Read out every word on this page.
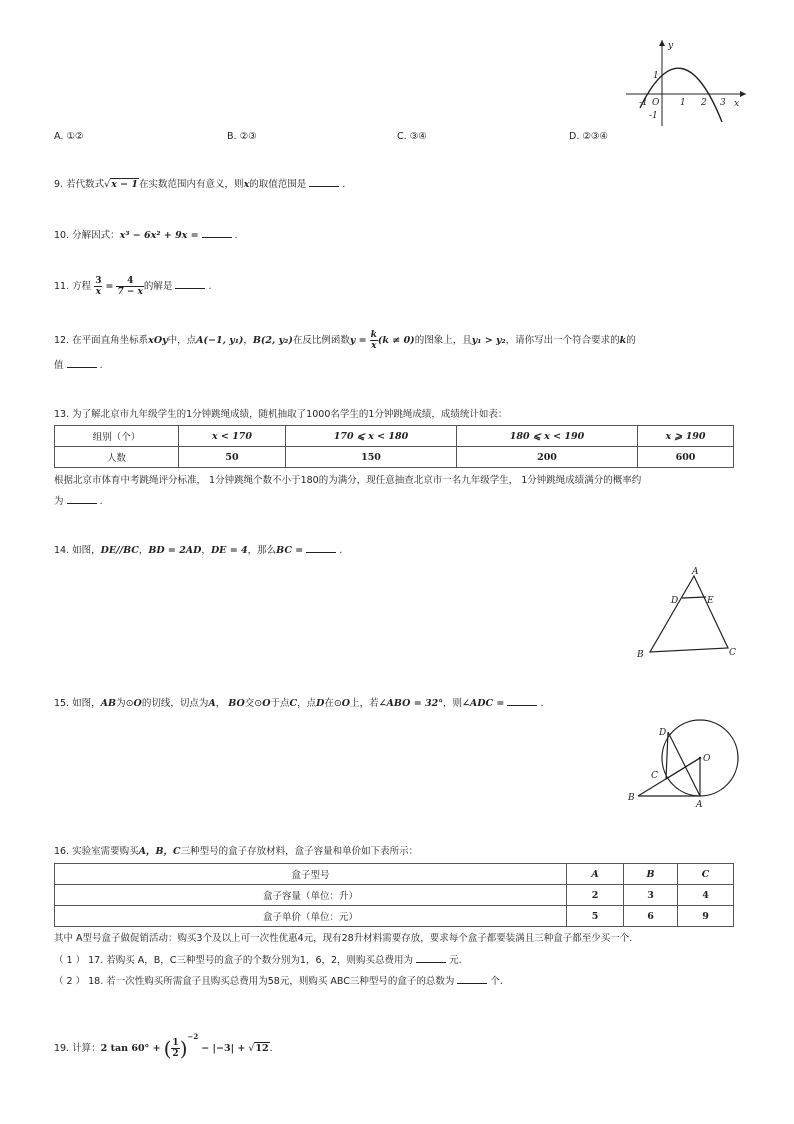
y
x
O
-1	1 2 3
1
-1
A. ①②	B. ②③	C. ③④	D. ②③④
9. 若代数式√x − 1在实数范围内有意义，则x的取值范围是	.
10. 分解因式：x³ − 6x² + 9x =	.
11. 方程 $\frac{3}{x} = \frac{4}{7 - x}$ 的解是	.
12. 在平面直角坐标系xOy中，点A(−1, y₁)，B(2, y₂)在反比例函数$y = \frac{k}{x} (k \ne 0)$的图象上，且y₁ > y₂，请你写出一个符合要求的k的
值	.
13. 为了解北京市九年级学生的1分钟跳绳成绩，随机抽取了1000名学生的1分钟跳绳成绩，成绩统计如表：
组别（个）	x < 170	170 ⩽ x < 180	180 ⩽ x < 190	x ⩾ 190
人数	50	150	200	600
根据北京市体育中考跳绳评分标准， 1分钟跳绳个数不小于180的为满分，现任意抽查北京市一名九年级学生， 1分钟跳绳成绩满分的概率约
为	.
14. 如图，DE//BC，BD = 2AD，DE = 4，那么BC =	.
A
D	E
B	C
15. 如图，AB为⊙O的切线，切点为A， BO交⊙O于点C，点D在⊙O上，若∠ABO = 32°，则∠ADC =	.
D
O
C
B
A
16. 实验室需要购买A，B，C三种型号的盒子存放材料，盒子容量和单价如下表所示：
盒子型号	A	B	C
盒子容量（单位：升）	2	3	4
盒子单价（单位：元）	5	6	9
其中 A型号盒子做促销活动：购买3个及以上可一次性优惠4元，现有28升材料需要存放，要求每个盒子都要装满且三种盒子都至少买一个.
（ 1 ） 17. 若购买 A，B，C三种型号的盒子的个数分别为1，6，2，则购买总费用为	元.
（ 2 ） 18. 若一次性购买所需盒子且购买总费用为58元，则购买 ABC三种型号的盒子的总数为	个.
19. 计算：2 tan 60° + ( $\frac{1}{2} )^{-2} - |-3| + √12$.
